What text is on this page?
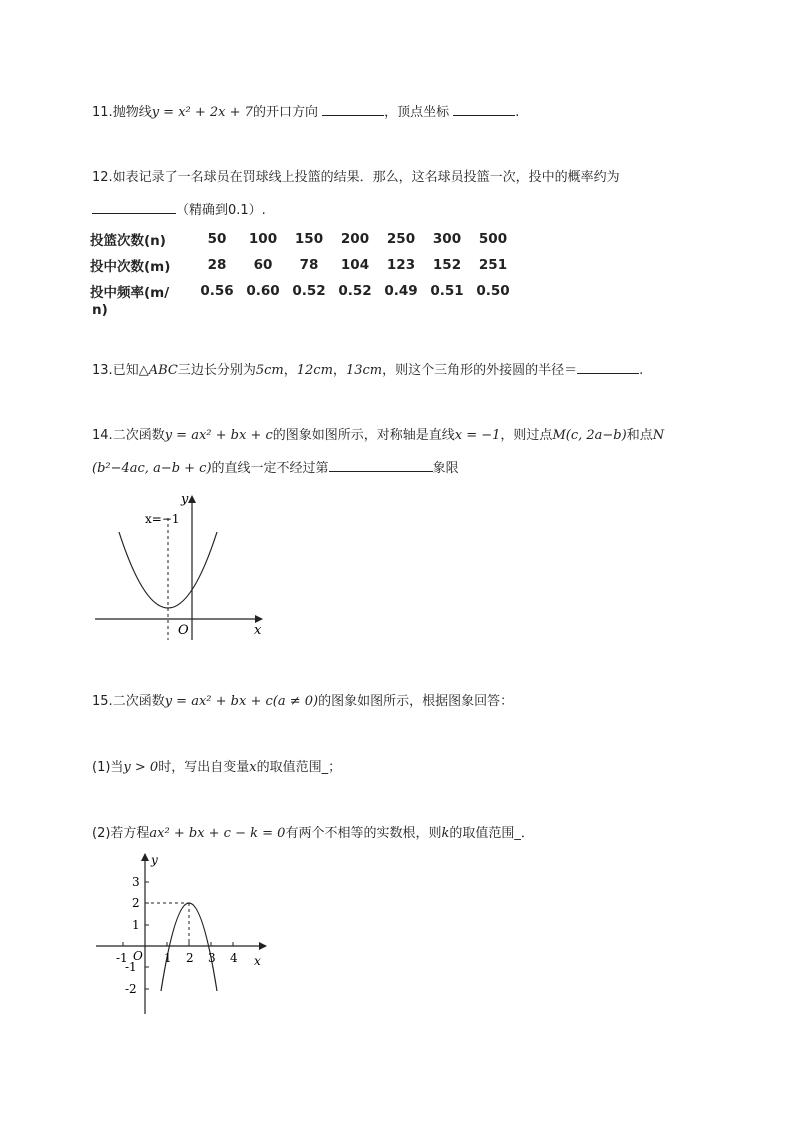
11.抛物线y = x² + 2x + 7的开口方向	，顶点坐标	.
12.如表记录了一名球员在罚球线上投篮的结果．那么，这名球员投篮一次，投中的概率约为
（精确到0.1）.
投篮次数(n)	50	100	150	200	250	300	500
投中次数(m)	28	60	78	104	123	152	251
投中频率(m/	0.56	0.60	0.52	0.52	0.49	0.51	0.50
n)
13.已知△ABC三边长分别为5cm，12cm，13cm，则这个三角形的外接圆的半径＝	.
14.二次函数y = ax² + bx + c的图象如图所示，对称轴是直线x = −1，则过点M(c, 2a−b)和点N
(b²−4ac, a−b + c)的直线一定不经过第	象限
y
x
O
x=−1
15.二次函数y = ax² + bx + c(a ≠ 0)的图象如图所示，根据图象回答：
(1)当y > 0时，写出自变量x的取值范围_；
(2)若方程ax² + bx + c − k = 0有两个不相等的实数根，则k的取值范围_．
y
x
O
-1	1 2 3 4
3
2
1
-1
-2
